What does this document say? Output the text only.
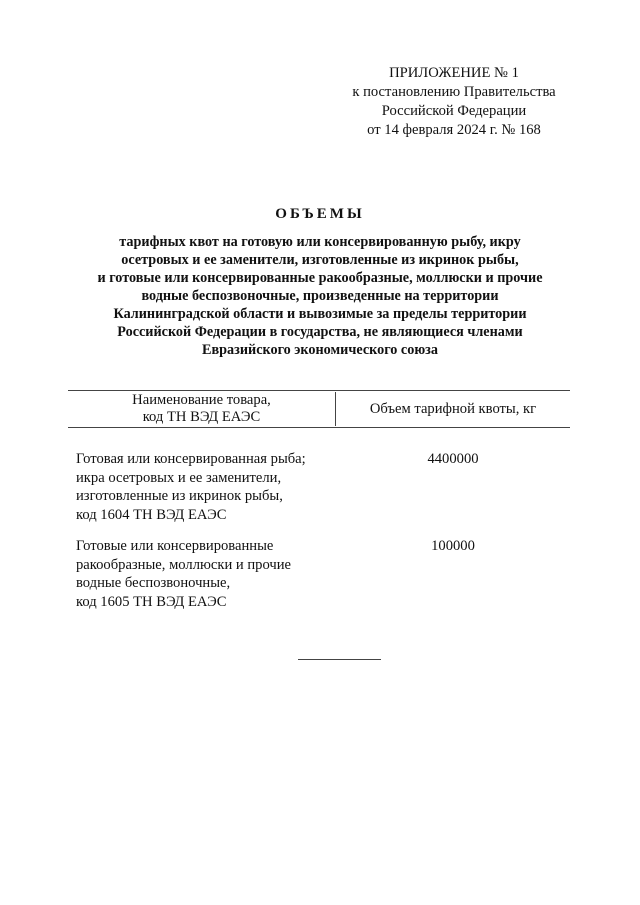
ПРИЛОЖЕНИЕ № 1
к постановлению Правительства
Российской Федерации
от 14 февраля 2024 г. № 168
ОБЪЕМЫ
тарифных квот на готовую или консервированную рыбу, икру
осетровых и ее заменители, изготовленные из икринок рыбы,
и готовые или консервированные ракообразные, моллюски и прочие
водные беспозвоночные, произведенные на территории
Калининградской области и вывозимые за пределы территории
Российской Федерации в государства, не являющиеся членами
Евразийского экономического союза
Наименование товара,
код ТН ВЭД ЕАЭС	Объем тарифной квоты, кг
Готовая или консервированная рыба;
икра осетровых и ее заменители,
изготовленные из икринок рыбы,
код 1604 ТН ВЭД ЕАЭС
4400000
Готовые или консервированные
ракообразные, моллюски и прочие
водные беспозвоночные,
код 1605 ТН ВЭД ЕАЭС
100000
